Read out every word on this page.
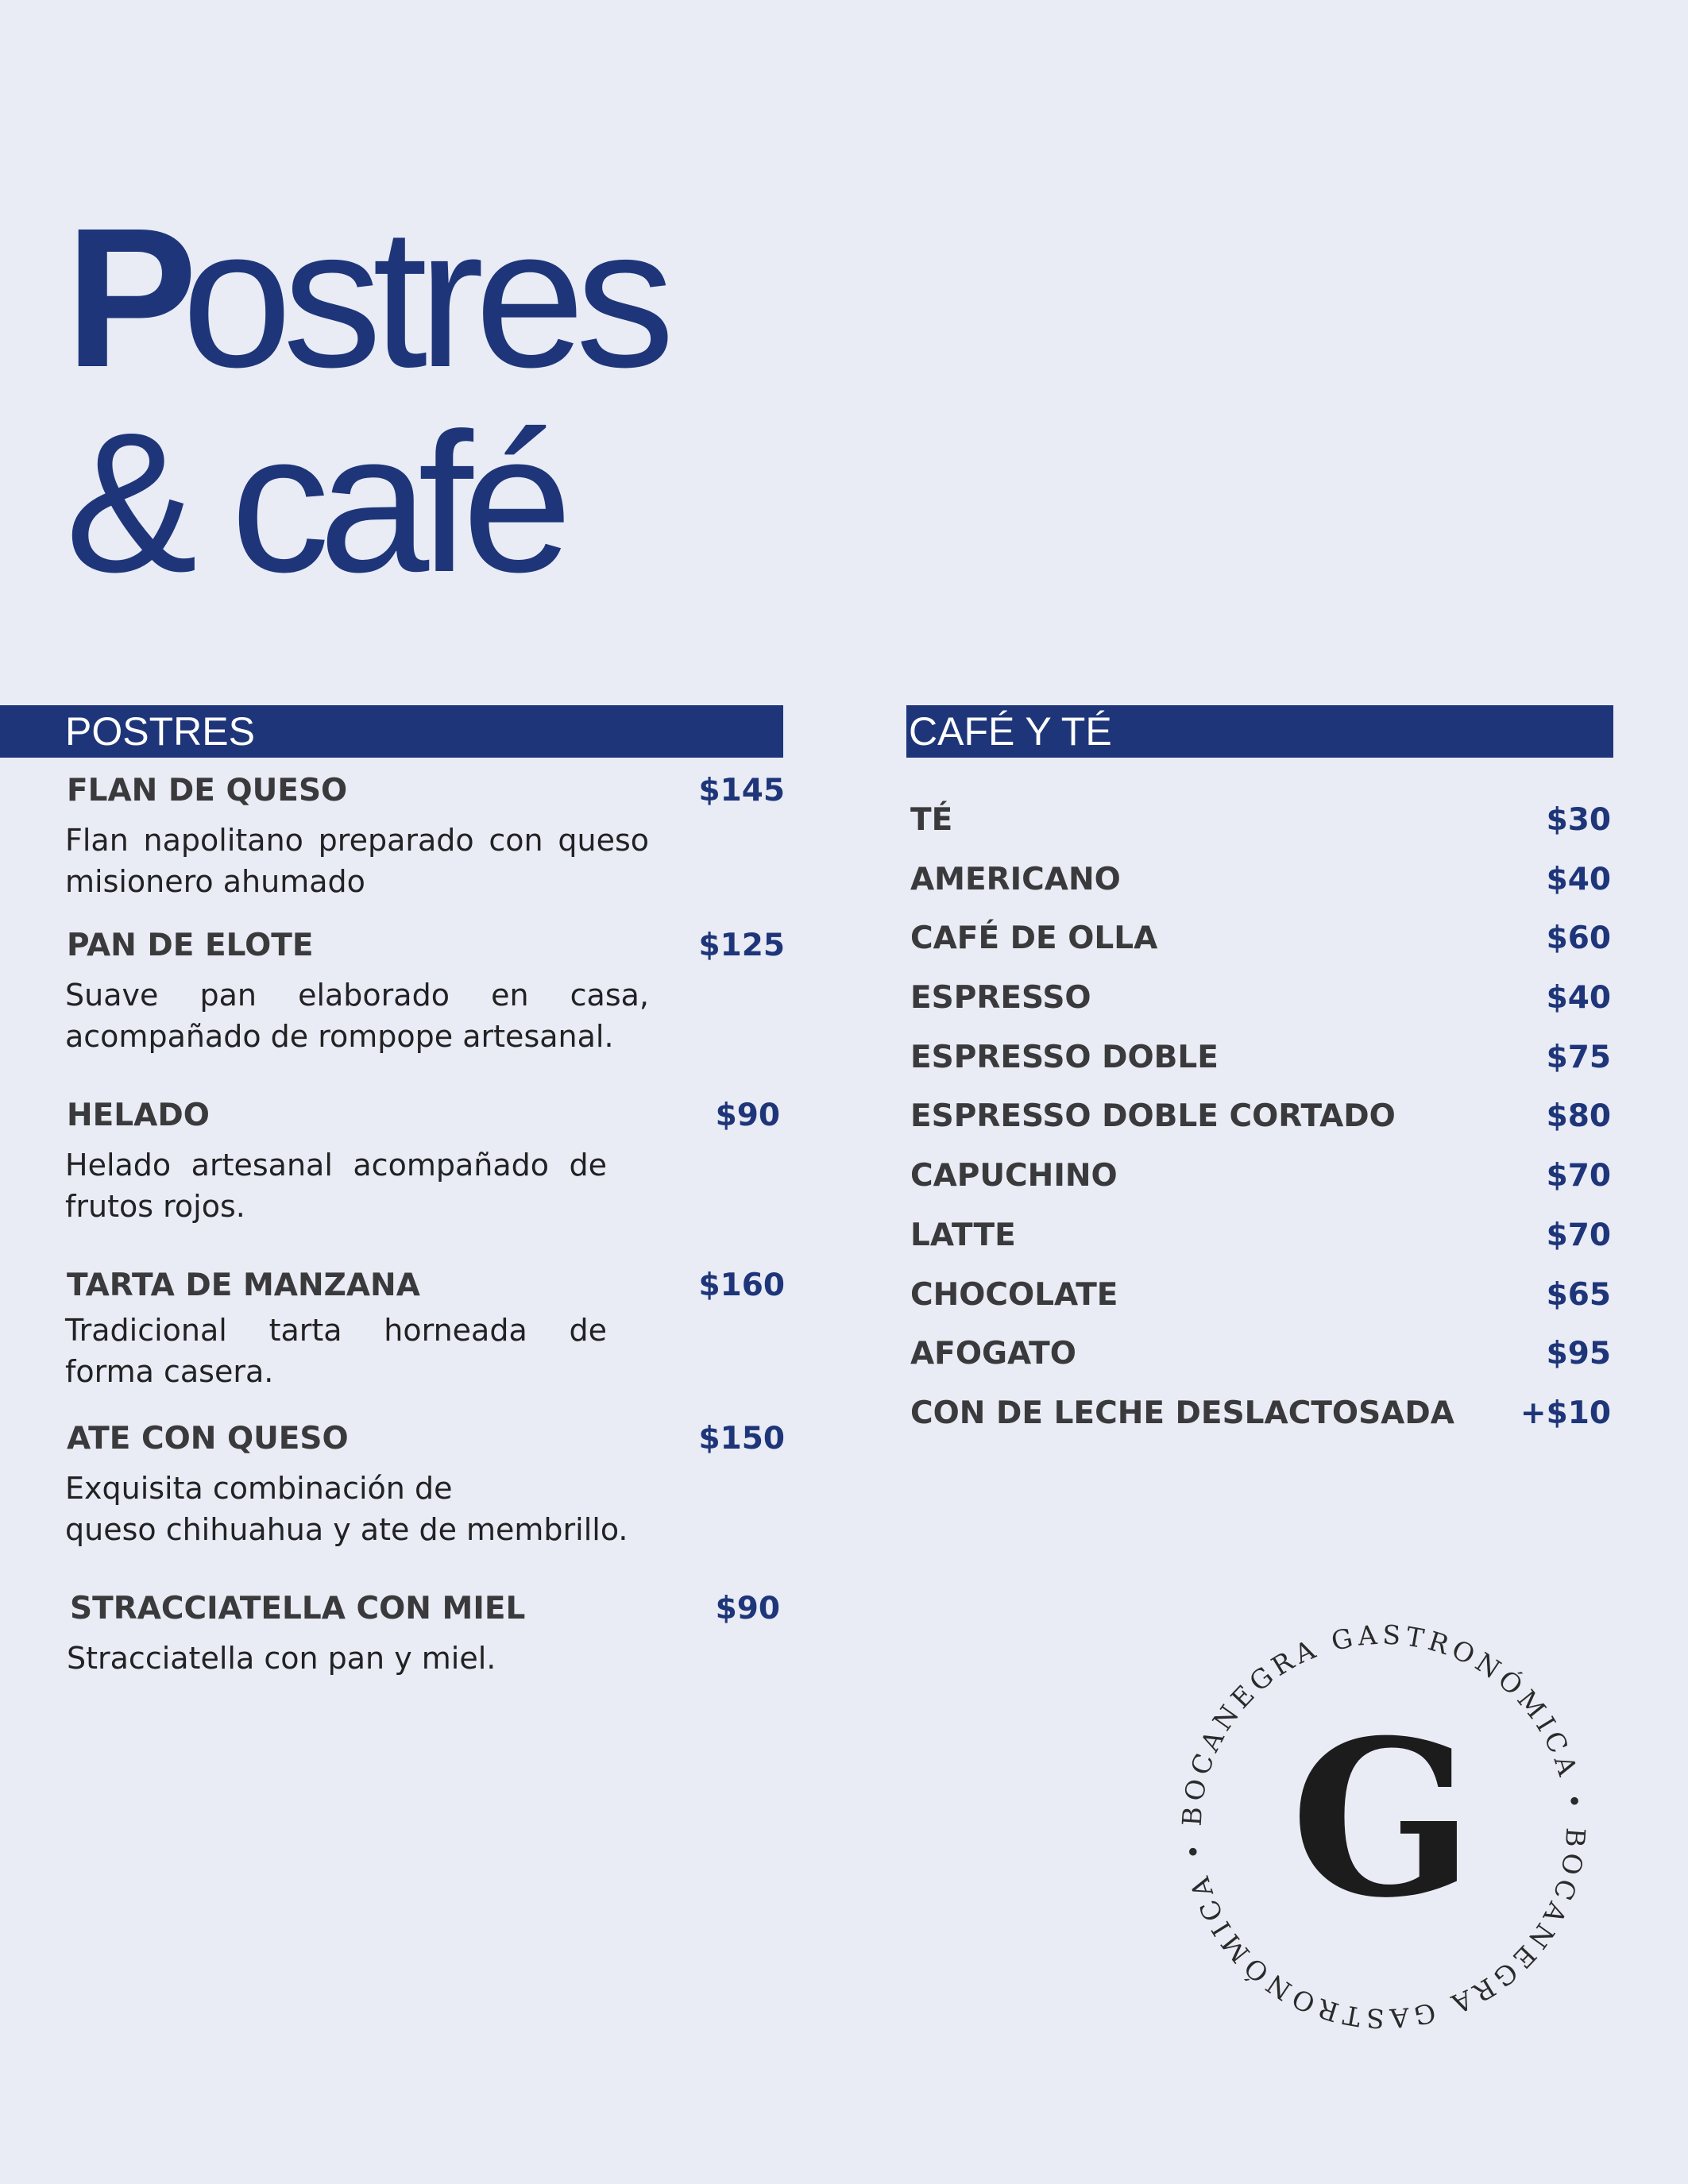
Postres
& café
POSTRES	CAFÉ Y TÉ
FLAN DE QUESO	$145

Flan napolitano preparado con queso misionero ahumado

PAN DE ELOTE	$125

Suave pan elaborado en casa, acompañado de rompope artesanal.

HELADO	$90

Helado artesanal acompañado de frutos rojos.

TARTA DE MANZANA	$160

Tradicional tarta horneada de forma casera.

ATE CON QUESO	$150

Exquisita combinación de
queso chihuahua y ate de membrillo.

STRACCIATELLA CON MIEL	$90

Stracciatella con pan y miel.

TÉ	$30
AMERICANO	$40
CAFÉ DE OLLA	$60
ESPRESSO	$40
ESPRESSO DOBLE	$75
ESPRESSO DOBLE CORTADO	$80
CAPUCHINO	$70
LATTE	$70
CHOCOLATE	$65
AFOGATO	$95
CON DE LECHE DESLACTOSADA +$10
BOCANEGRA GASTRONÓMICA • BOCANEGRA GASTRONÓMICA • G
